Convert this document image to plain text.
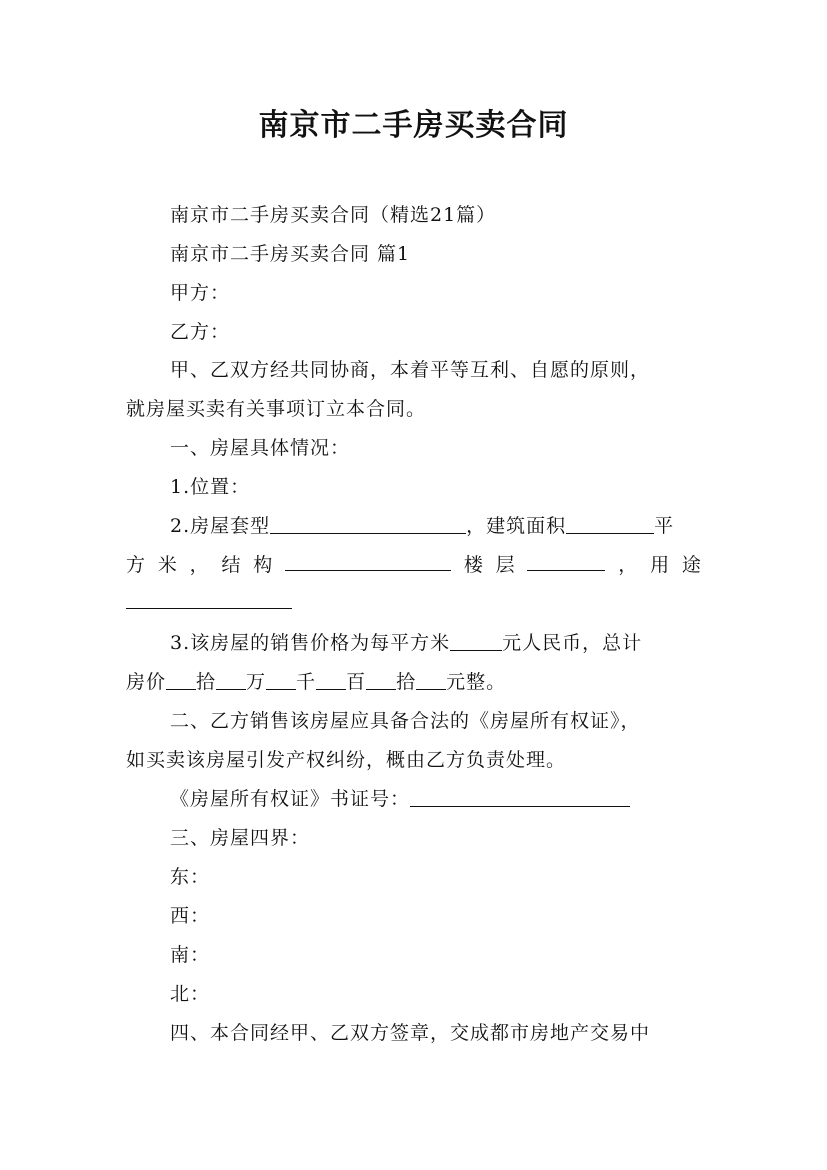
南京市二手房买卖合同
南京市二手房买卖合同（精选21篇）
南京市二手房买卖合同 篇1
甲方：
乙方：
甲、乙双方经共同协商，本着平等互利、自愿的原则，
就房屋买卖有关事项订立本合同。
一、房屋具体情况：
1.位置：
2.房屋套型	，建筑面积	平
方 米 ， 结 构	楼 层	， 用 途
3.该房屋的销售价格为每平方米	元人民币，总计
房价 拾 万 千 百 拾 元整。
二、乙方销售该房屋应具备合法的《房屋所有权证》，
如买卖该房屋引发产权纠纷，概由乙方负责处理。
《房屋所有权证》书证号：
三、房屋四界：
东：
西：
南：
北：
四、本合同经甲、乙双方签章，交成都市房地产交易中
